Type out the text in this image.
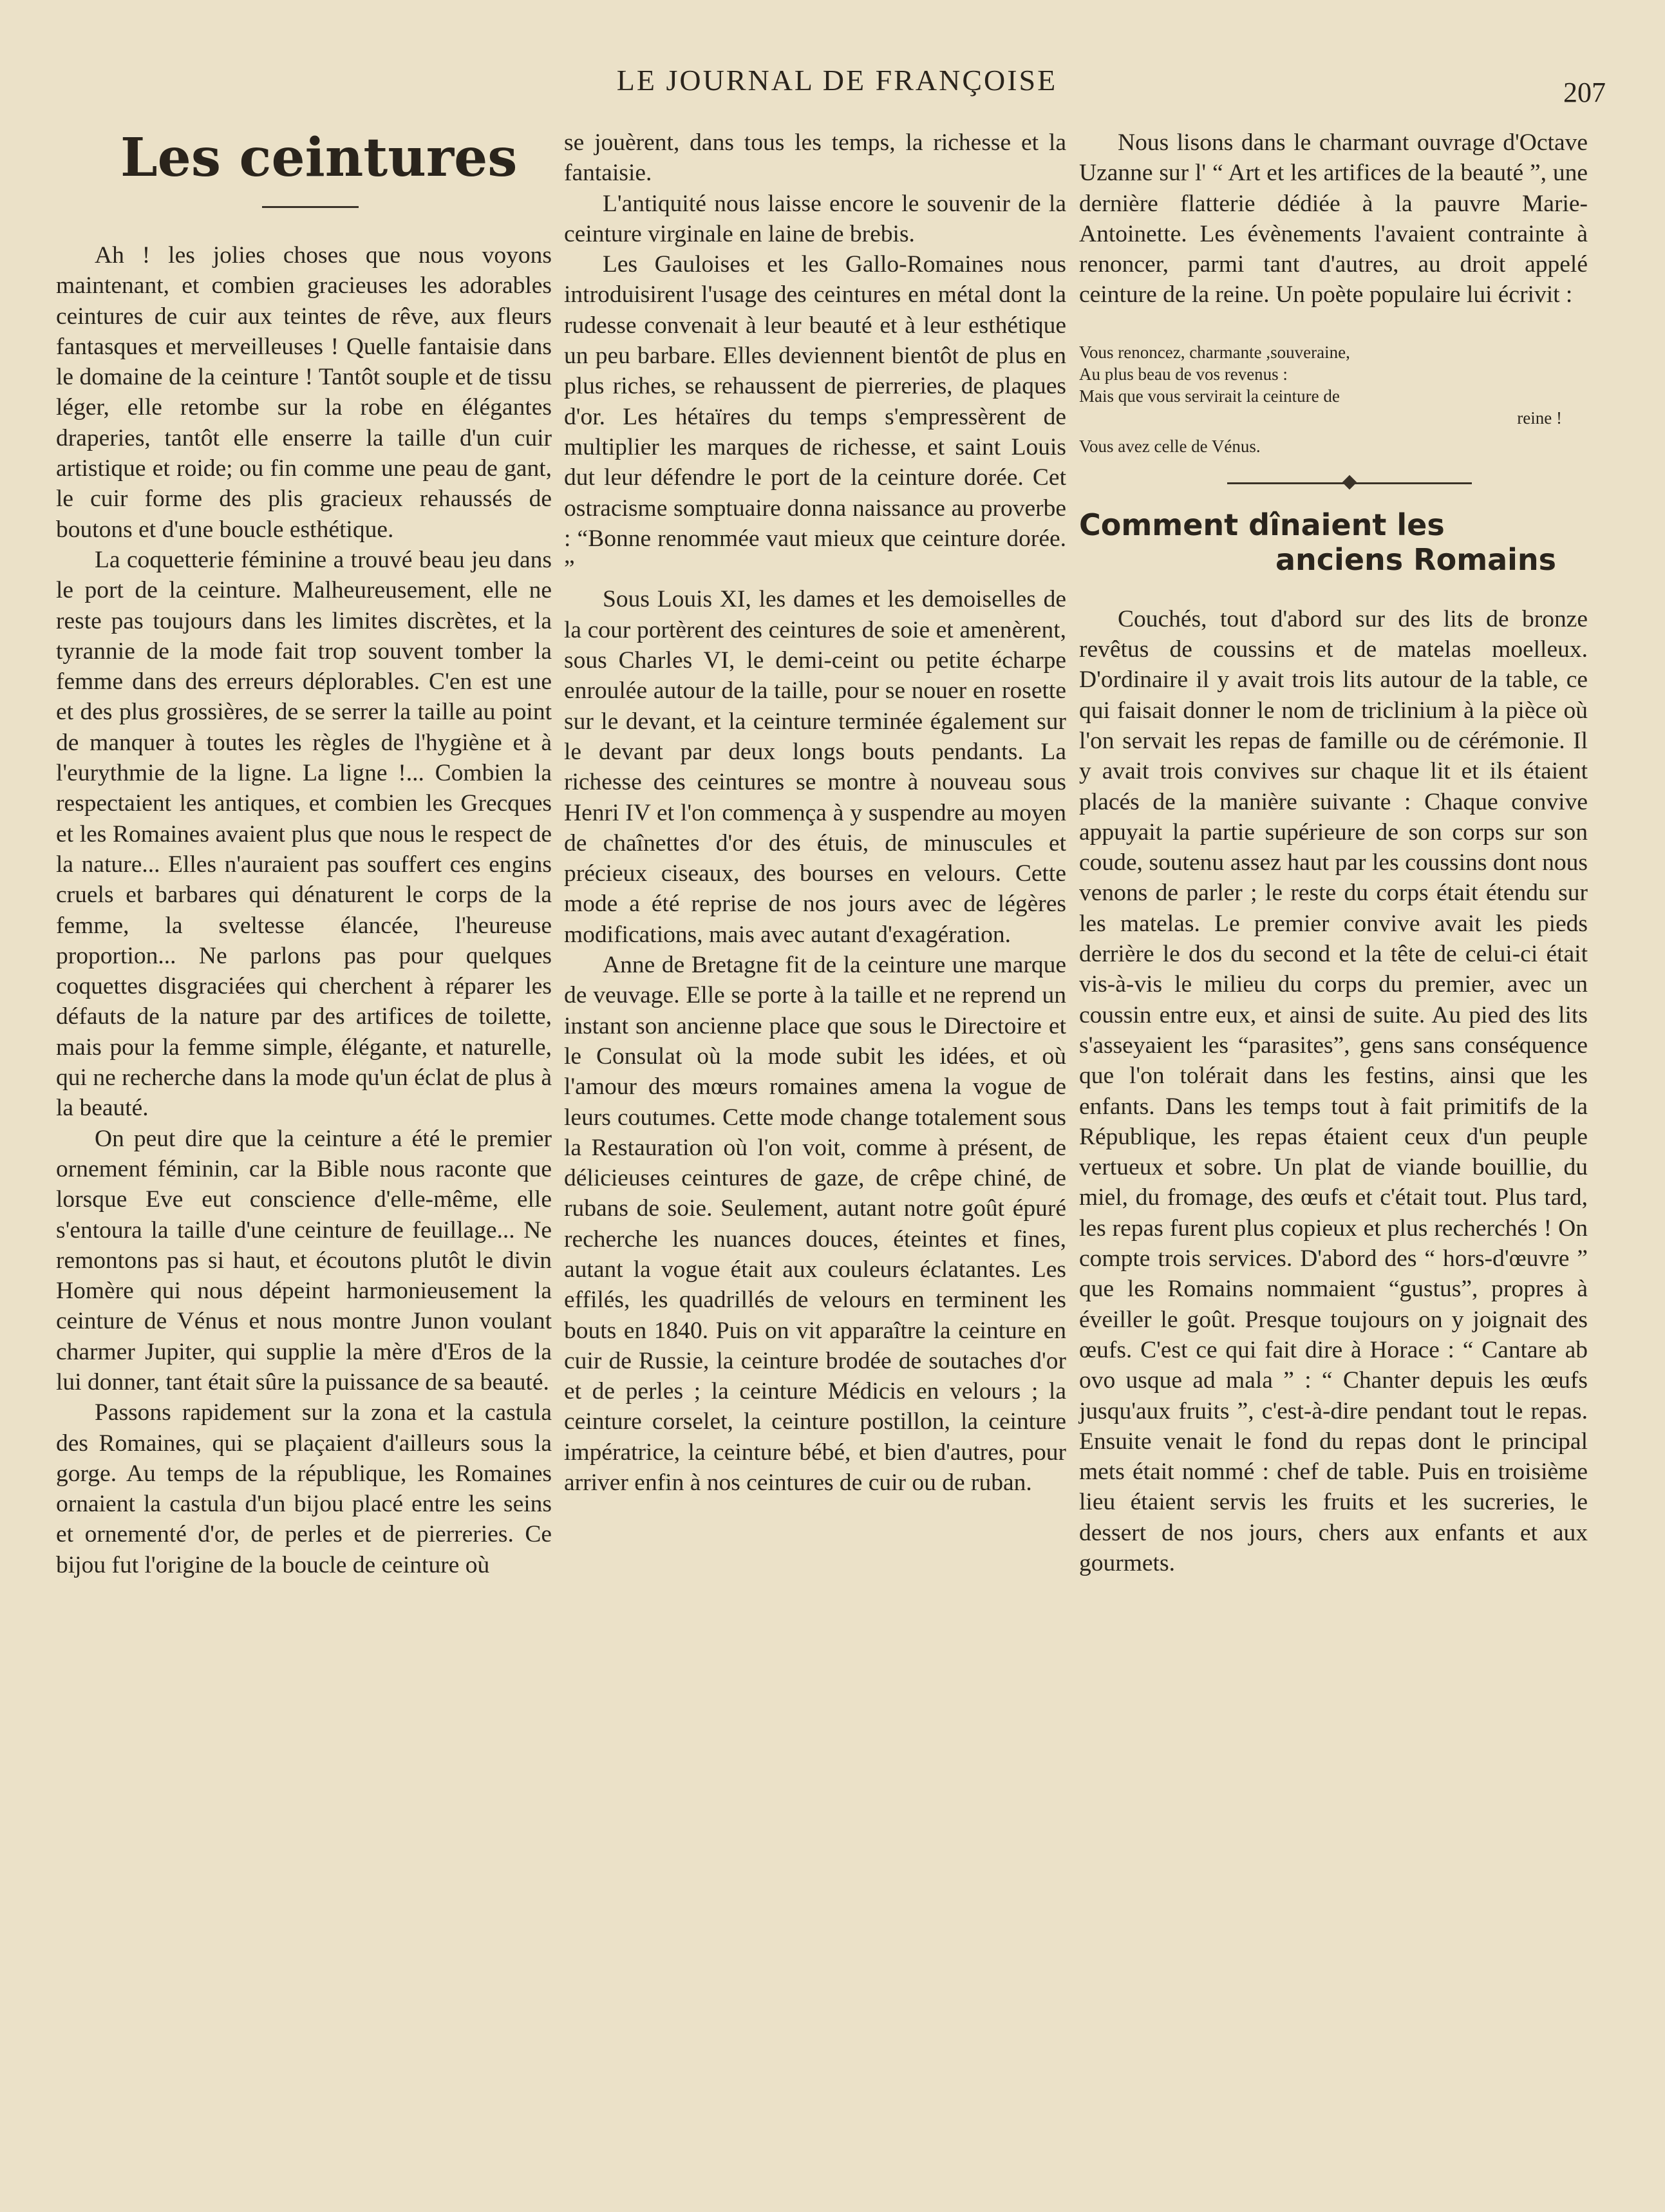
LE JOURNAL DE FRANÇOISE	207
Les ceintures

Ah ! les jolies choses que nous voyons maintenant, et combien gracieuses les adorables ceintures de cuir aux teintes de rêve, aux fleurs fantasques et merveilleuses ! Quelle fantaisie dans le domaine de la ceinture ! Tantôt souple et de tissu léger, elle retombe sur la robe en élégantes draperies, tantôt elle enserre la taille d'un cuir artistique et roide; ou fin comme une peau de gant, le cuir forme des plis gracieux rehaussés de boutons et d'une boucle esthétique.

La coquetterie féminine a trouvé beau jeu dans le port de la ceinture. Malheureusement, elle ne reste pas toujours dans les limites discrètes, et la tyrannie de la mode fait trop souvent tomber la femme dans des erreurs déplorables. C'en est une et des plus grossières, de se serrer la taille au point de manquer à toutes les règles de l'hygiène et à l'eurythmie de la ligne. La ligne !... Combien la respectaient les antiques, et combien les Grecques et les Romaines avaient plus que nous le respect de la nature... Elles n'auraient pas souffert ces engins cruels et barbares qui dénaturent le corps de la femme, la sveltesse élancée, l'heureuse proportion... Ne parlons pas pour quelques coquettes disgraciées qui cherchent à réparer les défauts de la nature par des artifices de toilette, mais pour la femme simple, élégante, et naturelle, qui ne recherche dans la mode qu'un éclat de plus à la beauté.

On peut dire que la ceinture a été le premier ornement féminin, car la Bible nous raconte que lorsque Eve eut conscience d'elle-même, elle s'entoura la taille d'une ceinture de feuillage... Ne remontons pas si haut, et écoutons plutôt le divin Homère qui nous dépeint harmonieusement la ceinture de Vénus et nous montre Junon voulant charmer Jupiter, qui supplie la mère d'Eros de la lui donner, tant était sûre la puissance de sa beauté.

Passons rapidement sur la zona et la castula des Romaines, qui se plaçaient d'ailleurs sous la gorge. Au temps de la république, les Romaines ornaient la castula d'un bijou placé entre les seins et ornementé d'or, de perles et de pierreries. Ce bijou fut l'origine de la boucle de ceinture où

se jouèrent, dans tous les temps, la richesse et la fantaisie.

L'antiquité nous laisse encore le souvenir de la ceinture virginale en laine de brebis.

Les Gauloises et les Gallo-Romaines nous introduisirent l'usage des ceintures en métal dont la rudesse convenait à leur beauté et à leur esthétique un peu barbare. Elles deviennent bientôt de plus en plus riches, se rehaussent de pierreries, de plaques d'or. Les hétaïres du temps s'empressèrent de multiplier les marques de richesse, et saint Louis dut leur défendre le port de la ceinture dorée. Cet ostracisme somptuaire donna naissance au proverbe : “Bonne renommée vaut mieux que ceinture dorée. ”

Sous Louis XI, les dames et les demoiselles de la cour portèrent des ceintures de soie et amenèrent, sous Charles VI, le demi-ceint ou petite écharpe enroulée autour de la taille, pour se nouer en rosette sur le devant, et la ceinture terminée également sur le devant par deux longs bouts pendants. La richesse des ceintures se montre à nouveau sous Henri IV et l'on commença à y suspendre au moyen de chaînettes d'or des étuis, de minuscules et précieux ciseaux, des bourses en velours. Cette mode a été reprise de nos jours avec de légères modifications, mais avec autant d'exagération.

Anne de Bretagne fit de la ceinture une marque de veuvage. Elle se porte à la taille et ne reprend un instant son ancienne place que sous le Directoire et le Consulat où la mode subit les idées, et où l'amour des mœurs romaines amena la vogue de leurs coutumes. Cette mode change totalement sous la Restauration où l'on voit, comme à présent, de délicieuses ceintures de gaze, de crêpe chiné, de rubans de soie. Seulement, autant notre goût épuré recherche les nuances douces, éteintes et fines, autant la vogue était aux couleurs éclatantes. Les effilés, les quadrillés de velours en terminent les bouts en 1840. Puis on vit apparaître la ceinture en cuir de Russie, la ceinture brodée de soutaches d'or et de perles ; la ceinture Médicis en velours ; la ceinture corselet, la ceinture postillon, la ceinture impératrice, la ceinture bébé, et bien d'autres, pour arriver enfin à nos ceintures de cuir ou de ruban.

Nous lisons dans le charmant ouvrage d'Octave Uzanne sur l' “ Art et les artifices de la beauté ”, une dernière flatterie dédiée à la pauvre Marie-Antoinette. Les évènements l'avaient contrainte à renoncer, parmi tant d'autres, au droit appelé ceinture de la reine. Un poète populaire lui écrivit :

Vous renoncez, charmante ,souveraine,
Au plus beau de vos revenus :
Mais que vous servirait la ceinture de
reine !
Vous avez celle de Vénus.
Comment dînaient les
anciens Romains

Couchés, tout d'abord sur des lits de bronze revêtus de coussins et de matelas moelleux. D'ordinaire il y avait trois lits autour de la table, ce qui faisait donner le nom de triclinium à la pièce où l'on servait les repas de famille ou de cérémonie. Il y avait trois convives sur chaque lit et ils étaient placés de la manière suivante : Chaque convive appuyait la partie supérieure de son corps sur son coude, soutenu assez haut par les coussins dont nous venons de parler ; le reste du corps était étendu sur les matelas. Le premier convive avait les pieds derrière le dos du second et la tête de celui-ci était vis-à-vis le milieu du corps du premier, avec un coussin entre eux, et ainsi de suite. Au pied des lits s'asseyaient les “parasites”, gens sans conséquence que l'on tolérait dans les festins, ainsi que les enfants. Dans les temps tout à fait primitifs de la République, les repas étaient ceux d'un peuple vertueux et sobre. Un plat de viande bouillie, du miel, du fromage, des œufs et c'était tout. Plus tard, les repas furent plus copieux et plus recherchés ! On compte trois services. D'abord des “ hors-d'œuvre ” que les Romains nommaient “gustus”, propres à éveiller le goût. Presque toujours on y joignait des œufs. C'est ce qui fait dire à Horace : “ Cantare ab ovo usque ad mala ” : “ Chanter depuis les œufs jusqu'aux fruits ”, c'est-à-dire pendant tout le repas. Ensuite venait le fond du repas dont le principal mets était nommé : chef de table. Puis en troisième lieu étaient servis les fruits et les sucreries, le dessert de nos jours, chers aux enfants et aux gourmets.
